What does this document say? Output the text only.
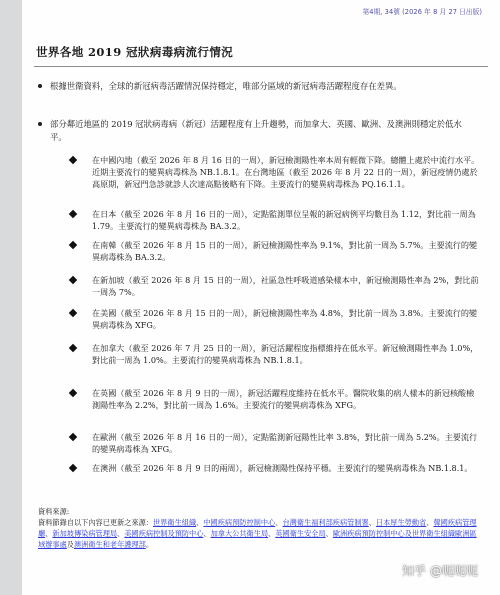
第4期, 34號 (2026 年 8 月 27 日出版)
世界各地 2019 冠狀病毒病流行情況
根據世衛資料，全球的新冠病毒活躍情況保持穩定，唯部分區域的新冠病毒活躍程度存在差異。
部分鄰近地區的 2019 冠狀病毒病（新冠）活躍程度有上升趨勢，而加拿大、英國、歐洲、及澳洲則穩定於低水平。
在中國內地（截至 2026 年 8 月 16 日的一周），新冠檢測陽性率本周有輕微下降。總體上處於中流行水平。近期主要流行的變異病毒株為 NB.1.8.1。在台灣地區（截至 2026 年 8 月 22 日的一周），新冠疫情仍處於高原期，新冠門急診就診人次達高點後略有下降。主要流行的變異病毒株為 PQ.16.1.1。
在日本（截至 2026 年 8 月 16 日的一周），定點監測單位呈報的新冠病例平均數目為 1.12，對比前一周為 1.79。主要流行的變異病毒株為 BA.3.2。
在南韓（截至 2026 年 8 月 15 日的一周），新冠檢測陽性率為 9.1%，對比前一周為 5.7%。主要流行的變異病毒株為 BA.3.2。
在新加坡（截至 2026 年 8 月 15 日的一周），社區急性呼吸道感染樣本中，新冠檢測陽性率為 2%，對比前一周為 7%。
在美國（截至 2026 年 8 月 15 日的一周），新冠檢測陽性率為 4.8%，對比前一周為 3.8%。主要流行的變異病毒株為 XFG。
在加拿大（截至 2026 年 7 月 25 日的一周），新冠活躍程度指標維持在低水平。新冠檢測陽性率為 1.0%，對比前一周為 1.0%。主要流行的變異病毒株為 NB.1.8.1。
在英國（截至 2026 年 8 月 9 日的一周），新冠活躍程度維持在低水平。醫院收集的病人樣本的新冠核酸檢測陽性率為 2.2%，對比前一周為 1.6%。主要流行的變異病毒株為 XFG。
在歐洲（截至 2026 年 8 月 16 日的一周），定點監測新冠陽性比率 3.8%，對比前一周為 5.2%。主要流行的變異病毒株為 XFG。
在澳洲（截至 2026 年 8 月 9 日的兩周），新冠檢測陽性保持平穩。主要流行的變異病毒株為 NB.1.8.1。
資料來源:
資料節錄自以下內容已更新之來源：世界衛生組織、中國疾病預防控制中心、台灣衛生福利部疾病管制署、日本厚生勞動省、韓國疾病管理廳、新加坡傳染病管理局、美國疾病控制及預防中心、加拿大公共衛生局、英國衛生安全局、歐洲疾病預防控制中心及世界衛生組織歐洲區域辦事處及澳洲衛生和老年護理部。
知乎 @呃呃呃
